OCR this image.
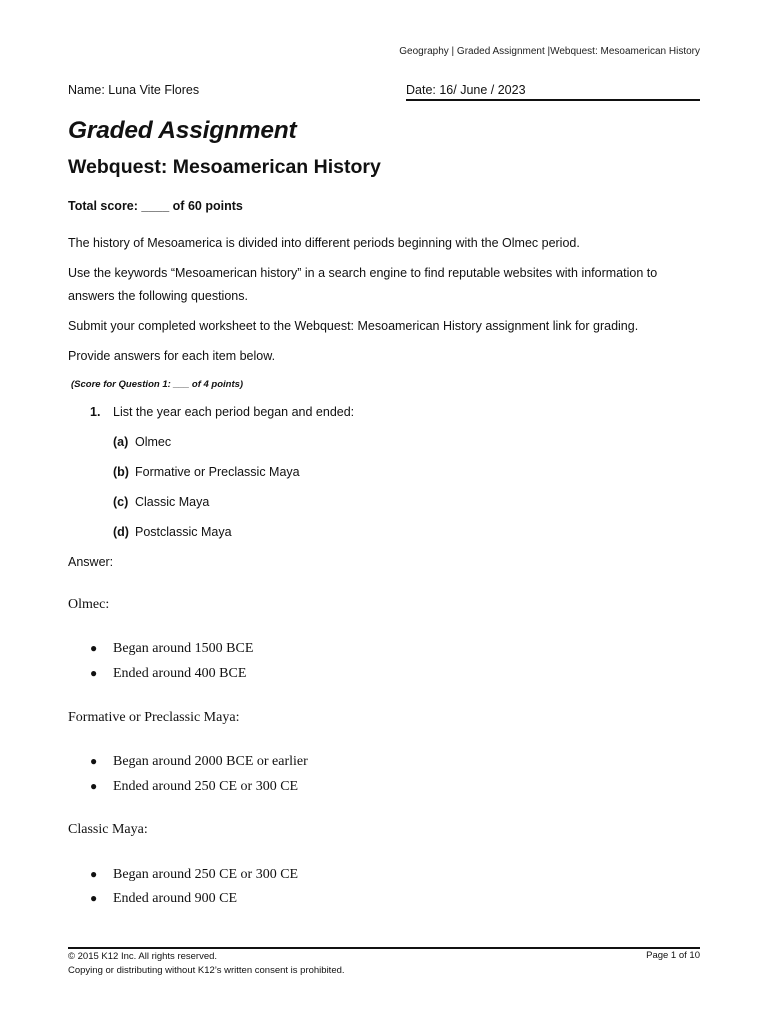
Geography | Graded Assignment |Webquest: Mesoamerican History
Name: Luna Vite Flores	Date: 16/ June / 2023
Graded Assignment
Webquest: Mesoamerican History
Total score: ____ of 60 points
The history of Mesoamerica is divided into different periods beginning with the Olmec period.
Use the keywords “Mesoamerican history” in a search engine to find reputable websites with information to answers the following questions.
Submit your completed worksheet to the Webquest: Mesoamerican History assignment link for grading.
Provide answers for each item below.
(Score for Question 1: ___ of 4 points)
1. List the year each period began and ended:
(a) Olmec
(b) Formative or Preclassic Maya
(c) Classic Maya
(d) Postclassic Maya
Answer:
Olmec:
● Began around 1500 BCE
● Ended around 400 BCE
Formative or Preclassic Maya:
● Began around 2000 BCE or earlier
● Ended around 250 CE or 300 CE
Classic Maya:
● Began around 250 CE or 300 CE
● Ended around 900 CE
© 2015 K12 Inc. All rights reserved.
Copying or distributing without K12’s written consent is prohibited.
Page 1 of 10
